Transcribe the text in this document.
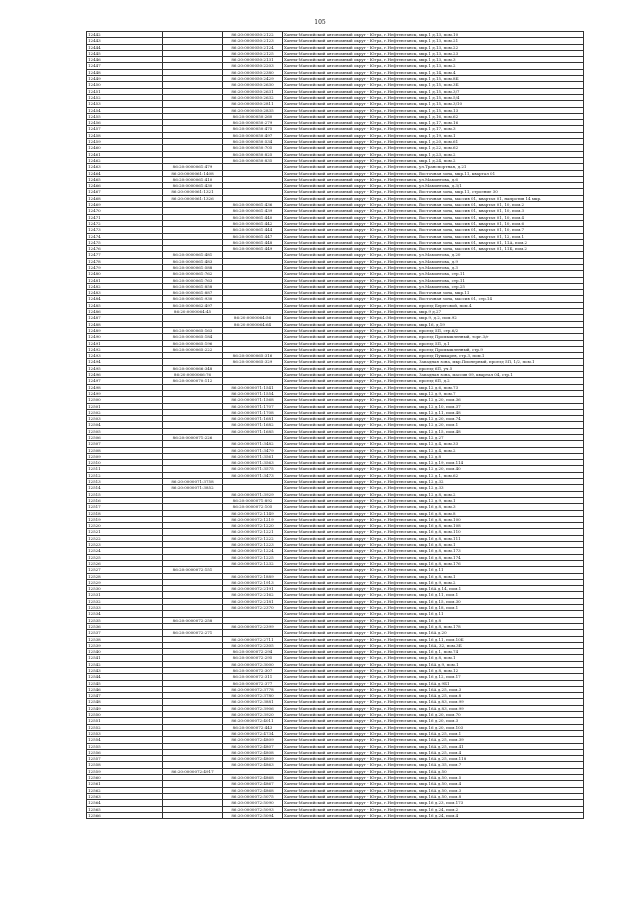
105
12442		86:20:0000050:2122	Ханты-Мансийский автономный округ - Югра, г.Нефтеюганск, мкр.1 д.13, пом.10
12443		86:20:0000050:2123	Ханты-Мансийский автономный округ - Югра, г.Нефтеюганск, мкр.1 д.13, пом.21
12444		86:20:0000050:2124	Ханты-Мансийский автономный округ - Югра, г.Нефтеюганск, мкр.1 д.13, пом.22
12445		86:20:0000050:2125	Ханты-Мансийский автономный округ - Югра, г.Нефтеюганск, мкр.1 д.13, пом.23
12446		86:20:0000050:2131	Ханты-Мансийский автономный округ - Югра, г.Нефтеюганск, мкр.1 д.13, пом.3
12447		86:20:0000050:2203	Ханты-Мансийский автономный округ - Югра, г.Нефтеюганск, мкр.1 д.13, пом.2
12448		86:20:0000050:2380	Ханты-Мансийский автономный округ - Югра, г.Нефтеюганск, мкр.1 д.14, пом.4
12449		86:20:0000050:2429	Ханты-Мансийский автономный округ - Югра, г.Нефтеюганск, мкр.1 д.15, пом.8Б
12450		86:20:0000050:2630	Ханты-Мансийский автономный округ - Югра, г.Нефтеюганск, мкр.1 д.15, пом.3Б
12451		86:20:0000050:2631	Ханты-Мансийский автономный округ - Югра, г.Нефтеюганск, мкр.1 д.15, пом.3/7
12452		86:20:0000050:2632	Ханты-Мансийский автономный округ - Югра, г.Нефтеюганск, мкр.1 д.15, пом.5/4
12453		86:20:0000050:2811	Ханты-Мансийский автономный округ - Югра, г.Нефтеюганск, мкр.1 д.15, пом.3/10
12454		86:20:0000050:2835	Ханты-Мансийский автономный округ - Югра, г.Нефтеюганск, мкр.1 д.15, пом.13
12455		86:20:0000050:260	Ханты-Мансийский автономный округ - Югра, г.Нефтеюганск, мкр.1 д.16, пом.62
12456		86:20:0000050:279	Ханты-Мансийский автономный округ - Югра, г.Нефтеюганск, мкр.1 д.17, пом.16
12457		86:20:0000050:475	Ханты-Мансийский автономный округ - Югра, г.Нефтеюганск, мкр.1 д.17, пом.3
12458		86:20:0000050:497	Ханты-Мансийский автономный округ - Югра, г.Нефтеюганск, мкр.1 д.19, пом.1
12459		86:20:0000050:534	Ханты-Мансийский автономный округ - Югра, г.Нефтеюганск, мкр.1 д.20, пом.61
12460		86:20:0000050:705	Ханты-Мансийский автономный округ - Югра, г.Нефтеюганск, мкр.1 д.22, пом.62
12461		86:20:0000050:825	Ханты-Мансийский автономный округ - Югра, г.Нефтеюганск, мкр.1 д.23, пом.2
12462		86:20:0000050:835	Ханты-Мансийский автономный округ - Югра, г.Нефтеюганск, мкр.1 д.24, пом.2
12463	86:20:0000061:479		Ханты-Мансийский автономный округ - Югра, г.Нефтеюганск, ул.Транспортная, д.21
12464	86:20:0000061:1408		Ханты-Мансийский автономный округ - Югра, г.Нефтеюганск, Восточная зона, мкр.11, квартал 01
12465	86:20:0000061:410		Ханты-Мансийский автономный округ - Югра, г.Нефтеюганск, ул.Мамонтова, д.6
12466	86:20:0000061:430		Ханты-Мансийский автономный округ - Югра, г.Нефтеюганск, ул.Мамонтова, д.3/1
12467	86:20:0000061:1321		Ханты-Мансийский автономный округ - Югра, г.Нефтеюганск, Восточная зона, мкр.11, строение 30
12468	86:20:0000061:1326		Ханты-Мансийский автономный округ - Югра, г.Нефтеюганск, Восточная зона, массив 01, квартал 01, напротив 14 мкр.
12469		86:20:0000061:436	Ханты-Мансийский автономный округ - Югра, г.Нефтеюганск, Восточная зона, массив 01, квартал 01, 10, пом.2
12470		86:20:0000061:439	Ханты-Мансийский автономный округ - Югра, г.Нефтеюганск, Восточная зона, массив 01, квартал 01, 10, пом.3
12471		86:20:0000061:440	Ханты-Мансийский автономный округ - Югра, г.Нефтеюганск, Восточная зона, массив 01, квартал 01, 10, пом.4
12472		86:20:0000061:442	Ханты-Мансийский автономный округ - Югра, г.Нефтеюганск, Восточная зона, массив 01, квартал 01, 10, пом.6
12473		86:20:0000061:444	Ханты-Мансийский автономный округ - Югра, г.Нефтеюганск, Восточная зона, массив 01, квартал 01, 10, пом.7
12474		86:20:0000061:447	Ханты-Мансийский автономный округ - Югра, г.Нефтеюганск, Восточная зона, массив 01, квартал 01, 12, пом.1
12475		86:20:0000061:448	Ханты-Мансийский автономный округ - Югра, г.Нефтеюганск, Восточная зона, массив 01, квартал 01, 11А, пом.2
12476		86:20:0000061:449	Ханты-Мансийский автономный округ - Югра, г.Нефтеюганск, Восточная зона, массив 01, квартал 01, 11Б, пом.2
12477	86:20:0000061:481		Ханты-Мансийский автономный округ - Югра, г.Нефтеюганск, ул.Мамонтова, д.20
12478	86:20:0000061:483		Ханты-Мансийский автономный округ - Югра, г.Нефтеюганск, ул.Мамонтова, д.9
12479	86:20:0000061:588		Ханты-Мансийский автономный округ - Югра, г.Нефтеюганск, ул.Мамонтова, д.3
12480	86:20:0000061:762		Ханты-Мансийский автономный округ - Югра, г.Нефтеюганск, ул.Мамонтова, стр.11
12481	86:20:0000061:763		Ханты-Мансийский автономный округ - Югра, г.Нефтеюганск, ул.Мамонтова, стр.11
12482	86:20:0000061:858		Ханты-Мансийский автономный округ - Югра, г.Нефтеюганск, ул.Мамонтова, стр.25
12483	86:20:0000061:887		Ханты-Мансийский автономный округ - Югра, г.Нефтеюганск, Восточная зона, мкр.11
12484	86:20:0000061:930		Ханты-Мансийский автономный округ - Югра, г.Нефтеюганск, Восточная зона, массив 01, стр.14
12485	86:20:0000062:497		Ханты-Мансийский автономный округ - Югра, г.Нефтеюганск, проезд Береговой, пом.4
12486	86:20:0000064:45		Ханты-Мансийский автономный округ - Югра, г.Нефтеюганск, мкр.9 д.27
12487		86:20:0000064:56	Ханты-Мансийский автономный округ - Югра, г.Нефтеюганск, мкр.9, д.2, пом.92
12488		86:20:0000064:64	Ханты-Мансийский автономный округ - Югра, г.Нефтеюганск, мкр.16, д.19
12489	86:20:0000065:163		Ханты-Мансийский автономный округ - Югра, г.Нефтеюганск, проезд 5П, стр.6/2
12490	86:20:0000065:184		Ханты-Мансийский автономный округ - Югра, г.Нефтеюганск, проезд Промышленный, торг.3/г
12491	86:20:0000065:196		Ханты-Мансийский автономный округ - Югра, г.Нефтеюганск, проезд 5П, д.1
12492	86:20:0000065:222		Ханты-Мансийский автономный округ - Югра, г.Нефтеюганск, проезд Промышленный, стр.9
12493		86:20:0000065:316	Ханты-Мансийский автономный округ - Югра, г.Нефтеюганск, проезд Пушкарев, стр.3, пом.1
12494		86:20:0000065:329	Ханты-Мансийский автономный округ - Югра, г.Нефтеюганск, Западная зона, мкр.Пионерный, проезд 5П, 1/2, пом.1
12495	86:20:0000066:348		Ханты-Мансийский автономный округ - Югра, г.Нефтеюганск, проезд 6П, уч.5
12496	86:20:0000066:76		Ханты-Мансийский автономный округ - Югра, г.Нефтеюганск, Западная зона, массив 09, квартал 04, стр.1
12497	86:20:0000070:112		Ханты-Мансийский автономный округ - Югра, г.Нефтеюганск, проезд 6П, д.2
12498		86:20:0000071:1541	Ханты-Мансийский автономный округ - Югра, г.Нефтеюганск, мкр.12 д.6, пом.73
12499		86:20:0000071:1554	Ханты-Мансийский автономный округ - Югра, г.Нефтеюганск, мкр.12 д.9, пом.7
12500		86:20:0000071:1568	Ханты-Мансийский автономный округ - Югра, г.Нефтеюганск, мкр.12 д.20, пом.36
12501		86:20:0000071:1707	Ханты-Мансийский автономный округ - Югра, г.Нефтеюганск, мкр.12 д.10, пом.37
12502		86:20:0000071:1708	Ханты-Мансийский автономный округ - Югра, г.Нефтеюганск, мкр.12 д.11, пом.48
12503		86:20:0000071:1681	Ханты-Мансийский автономный округ - Югра, г.Нефтеюганск, мкр.12 д.20, пом.74
12504		86:20:0000071:1682	Ханты-Мансийский автономный округ - Югра, г.Нефтеюганск, мкр.12 д.20, пом.1
12505		86:20:0000071:1685	Ханты-Мансийский автономный округ - Югра, г.Нефтеюганск, мкр.12 д.15, пом.48
12506	86:20:0000071:226		Ханты-Мансийский автономный округ - Югра, г.Нефтеюганск, мкр.12 д.27
12507		86:20:0000071:3482	Ханты-Мансийский автономный округ - Югра, г.Нефтеюганск, мкр.12 д.4, пом.33
12508		86:20:0000071:3479	Ханты-Мансийский автономный округ - Югра, г.Нефтеюганск, мкр.12 д.4, пом.2
12509		86:20:0000071:3561	Ханты-Мансийский автономный округ - Югра, г.Нефтеюганск, мкр.12 д.8
12510		86:20:0000071:3563	Ханты-Мансийский автономный округ - Югра, г.Нефтеюганск, мкр.12 д.19, пом.114
12511		86:20:0000071:3575	Ханты-Мансийский автономный округ - Югра, г.Нефтеюганск, мкр.12 д.20, пом.40
12512		86:20:0000071:3473	Ханты-Мансийский автономный округ - Югра, г.Нефтеюганск, мкр.12 д.1, пом.62
12513	86:20:0000071:3758		Ханты-Мансийский автономный округ - Югра, г.Нефтеюганск, мкр.12 д.32
12514	86:20:0000071:3852		Ханты-Мансийский автономный округ - Югра, г.Нефтеюганск, мкр.12 д.33
12515		86:20:0000071:3929	Ханты-Мансийский автономный округ - Югра, г.Нефтеюганск, мкр.12 д.8, пом.2
12516		86:20:0000071:892	Ханты-Мансийский автономный округ - Югра, г.Нефтеюганск, мкр.12 д.9, пом.1
12517		86:20:0000072:105	Ханты-Мансийский автономный округ - Югра, г.Нефтеюганск, мкр.16 д.8, пом.3
12518		86:20:0000072:1149	Ханты-Мансийский автономный округ - Югра, г.Нефтеюганск, мкр.16 д.8, пом.8
12519		86:20:0000072:1219	Ханты-Мансийский автономный округ - Югра, г.Нефтеюганск, мкр.16 д.8, пом.100
12520		86:20:0000072:1220	Ханты-Мансийский автономный округ - Югра, г.Нефтеюганск, мкр.16 д.8, пом.108
12521		86:20:0000072:1221	Ханты-Мансийский автономный округ - Югра, г.Нефтеюганск, мкр.16 д.8, пом.110
12522		86:20:0000072:1222	Ханты-Мансийский автономный округ - Югра, г.Нефтеюганск, мкр.16 д.8, пом.111
12523		86:20:0000072:1223	Ханты-Мансийский автономный округ - Югра, г.Нефтеюганск, мкр.16 д.8, пом.1
12524		86:20:0000072:1224	Ханты-Мансийский автономный округ - Югра, г.Нефтеюганск, мкр.16 д.8, пом.173
12525		86:20:0000072:1225	Ханты-Мансийский автономный округ - Югра, г.Нефтеюганск, мкр.16 д.8, пом.174
12526		86:20:0000072:1232	Ханты-Мансийский автономный округ - Югра, г.Нефтеюганск, мкр.16 д.8, пом.176
12527	86:20:0000072:151		Ханты-Мансийский автономный округ - Югра, г.Нефтеюганск, мкр.16 д.11
12528		86:20:0000072:1889	Ханты-Мансийский автономный округ - Югра, г.Нефтеюганск, мкр.16 д.8, пом.1
12529		86:20:0000072:1913	Ханты-Мансийский автономный округ - Югра, г.Нефтеюганск, мкр.16 д.9, пом.2
12530		86:20:0000072:2191	Ханты-Мансийский автономный округ - Югра, г.Нефтеюганск, мкр.16А д.14, пом.1
12531		86:20:0000072:2162	Ханты-Мансийский автономный округ - Югра, г.Нефтеюганск, мкр.16 д.11, пом.1
12532		86:20:0000072:2181	Ханты-Мансийский автономный округ - Югра, г.Нефтеюганск, мкр.16 д.15, пом.30
12533		86:20:0000072:2370	Ханты-Мансийский автономный округ - Югра, г.Нефтеюганск, мкр.16 д.18, пом.1
12534			Ханты-Мансийский автономный округ - Югра, г.Нефтеюганск, мкр.16 д.11
12535	86:20:0000072:258		Ханты-Мансийский автономный округ - Югра, г.Нефтеюганск, мкр.16 д.8
12536		86:20:0000072:2399	Ханты-Мансийский автономный округ - Югра, г.Нефтеюганск, мкр.16 д.8, пом.178
12537	86:20:0000072:271		Ханты-Мансийский автономный округ - Югра, г.Нефтеюганск, мкр.16А д.20
12538		86:20:0000072:2711	Ханты-Мансийский автономный округ - Югра, г.Нефтеюганск, мкр.16 д.11, пом.10Б
12539		86:20:0000072:2305	Ханты-Мансийский автономный округ - Югра, г.Нефтеюганск, мкр.16А, 32, пом.3Б
12540		86:20:0000072:294	Ханты-Мансийский автономный округ - Югра, г.Нефтеюганск, мкр.16 д.1, пом.74
12541		86:20:0000072:295	Ханты-Мансийский автономный округ - Югра, г.Нефтеюганск, мкр.16 д.8, пом.1
12542		86:20:0000072:3000	Ханты-Мансийский автономный округ - Югра, г.Нефтеюганск, мкр.16А д.9, пом.1
12543		86:20:0000072:307	Ханты-Мансийский автономный округ - Югра, г.Нефтеюганск, мкр.16 д.8, пом.12
12544		86:20:0000072:311	Ханты-Мансийский автономный округ - Югра, г.Нефтеюганск, мкр.16 д.12, пом.17
12545		86:20:0000072:377	Ханты-Мансийский автономный округ - Югра, г.Нефтеюганск, мкр.16А д.9Б1
12546		86:20:0000072:3778	Ханты-Мансийский автономный округ - Югра, г.Нефтеюганск, мкр.16А д.25, пом.3
12547		86:20:0000072:3780	Ханты-Мансийский автономный округ - Югра, г.Нефтеюганск, мкр.16А д.25, пом.8
12548		86:20:0000072:3881	Ханты-Мансийский автономный округ - Югра, г.Нефтеюганск, мкр.16А д.83, пом.99
12549		86:20:0000072:3906	Ханты-Мансийский автономный округ - Югра, г.Нефтеюганск, мкр.16А д.83, пом.99
12550		86:20:0000072:3920	Ханты-Мансийский автономный округ - Югра, г.Нефтеюганск, мкр.16 д.20, пом.70
12551		86:20:0000072:4011	Ханты-Мансийский автономный округ - Югра, г.Нефтеюганск, мкр.16 д.20, пом.3
12552		86:20:0000072:443	Ханты-Мансийский автономный округ - Югра, г.Нефтеюганск, мкр.16 д.20, пом.103
12553		86:20:0000072:4734	Ханты-Мансийский автономный округ - Югра, г.Нефтеюганск, мкр.16А д.25, пом.1
12554		86:20:0000072:4809	Ханты-Мансийский автономный округ - Югра, г.Нефтеюганск, мкр.16А д.25, пом.39
12555		86:20:0000072:4807	Ханты-Мансийский автономный округ - Югра, г.Нефтеюганск, мкр.16А д.25, пом.41
12556		86:20:0000072:4808	Ханты-Мансийский автономный округ - Югра, г.Нефтеюганск, мкр.16А д.25, пом.4
12557		86:20:0000072:4809	Ханты-Мансийский автономный округ - Югра, г.Нефтеюганск, мкр.16А д.25, пом.118
12558		86:20:0000072:4863	Ханты-Мансийский автономный округ - Югра, г.Нефтеюганск, мкр.16А д.35, пом.7
12559	86:20:0000072:4917		Ханты-Мансийский автономный округ - Югра, г.Нефтеюганск, мкр.16А д.50
12560		86:20:0000072:4868	Ханты-Мансийский автономный округ - Югра, г.Нефтеюганск, мкр.16А д.50, пом.5
12561		86:20:0000072:4867	Ханты-Мансийский автономный округ - Югра, г.Нефтеюганск, мкр.16А д.50, пом.4
12562		86:20:0000072:4868	Ханты-Мансийский автономный округ - Югра, г.Нефтеюганск, мкр.16А д.50, пом.3
12563		86:20:0000072:5075	Ханты-Мансийский автономный округ - Югра, г.Нефтеюганск, мкр.16А д.50, пом.8
12564		86:20:0000072:5090	Ханты-Мансийский автономный округ - Югра, г.Нефтеюганск, мкр.16 д.23, пом.173
12565		86:20:0000072:5093	Ханты-Мансийский автономный округ - Югра, г.Нефтеюганск, мкр.16 д.24, пом.2
12566		86:20:0000072:5094	Ханты-Мансийский автономный округ - Югра, г.Нефтеюганск, мкр.16 д.24, пом.4
